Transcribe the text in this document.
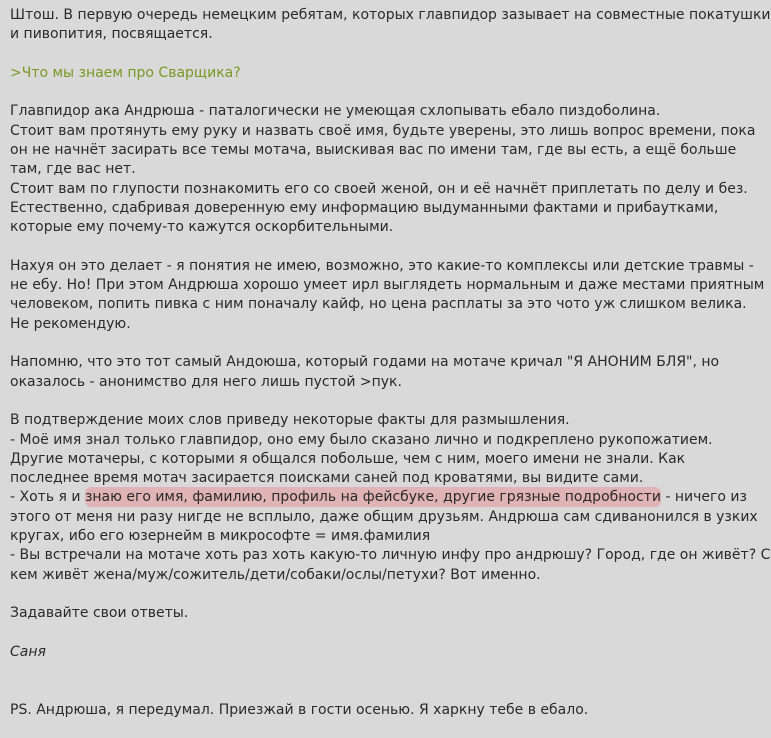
Штош. В первую очередь немецким ребятам, которых главпидор зазывает на совместные покатушки
и пивопития, посвящается.
>Что мы знаем про Сварщика?
Главпидор ака Андрюша - паталогически не умеющая схлопывать ебало пиздоболина.
Стоит вам протянуть ему руку и назвать своё имя, будьте уверены, это лишь вопрос времени, пока
он не начнёт засирать все темы мотача, выискивая вас по имени там, где вы есть, а ещё больше
там, где вас нет.
Стоит вам по глупости познакомить его со своей женой, он и её начнёт приплетать по делу и без.
Естественно, сдабривая доверенную ему информацию выдуманными фактами и прибаутками,
которые ему почему-то кажутся оскорбительными.
Нахуя он это делает - я понятия не имею, возможно, это какие-то комплексы или детские травмы -
не ебу. Но! При этом Андрюша хорошо умеет ирл выглядеть нормальным и даже местами приятным
человеком, попить пивка с ним поначалу кайф, но цена расплаты за это чото уж слишком велика.
Не рекомендую.
Напомню, что это тот самый Андоюша, который годами на мотаче кричал "Я АНОНИМ БЛЯ", но
оказалось - анонимство для него лишь пустой >пук.
В подтверждение моих слов приведу некоторые факты для размышления.
- Моё имя знал только главпидор, оно ему было сказано лично и подкреплено рукопожатием.
Другие мотачеры, с которыми я общался побольше, чем с ним, моего имени не знали. Как
последнее время мотач засирается поисками саней под кроватями, вы видите сами.
- Хоть я и знаю его имя, фамилию, профиль на фейсбуке, другие грязные подробности - ничего из
этого от меня ни разу нигде не всплыло, даже общим друзьям. Андрюша сам сдиванонился в узких
кругах, ибо его юзернейм в микрософте = имя.фамилия
- Вы встречали на мотаче хоть раз хоть какую-то личную инфу про андрюшу? Город, где он живёт? С
кем живёт жена/муж/сожитель/дети/собаки/ослы/петухи? Вот именно.
Задавайте свои ответы.
Саня
PS. Андрюша, я передумал. Приезжай в гости осенью. Я харкну тебе в ебало.
